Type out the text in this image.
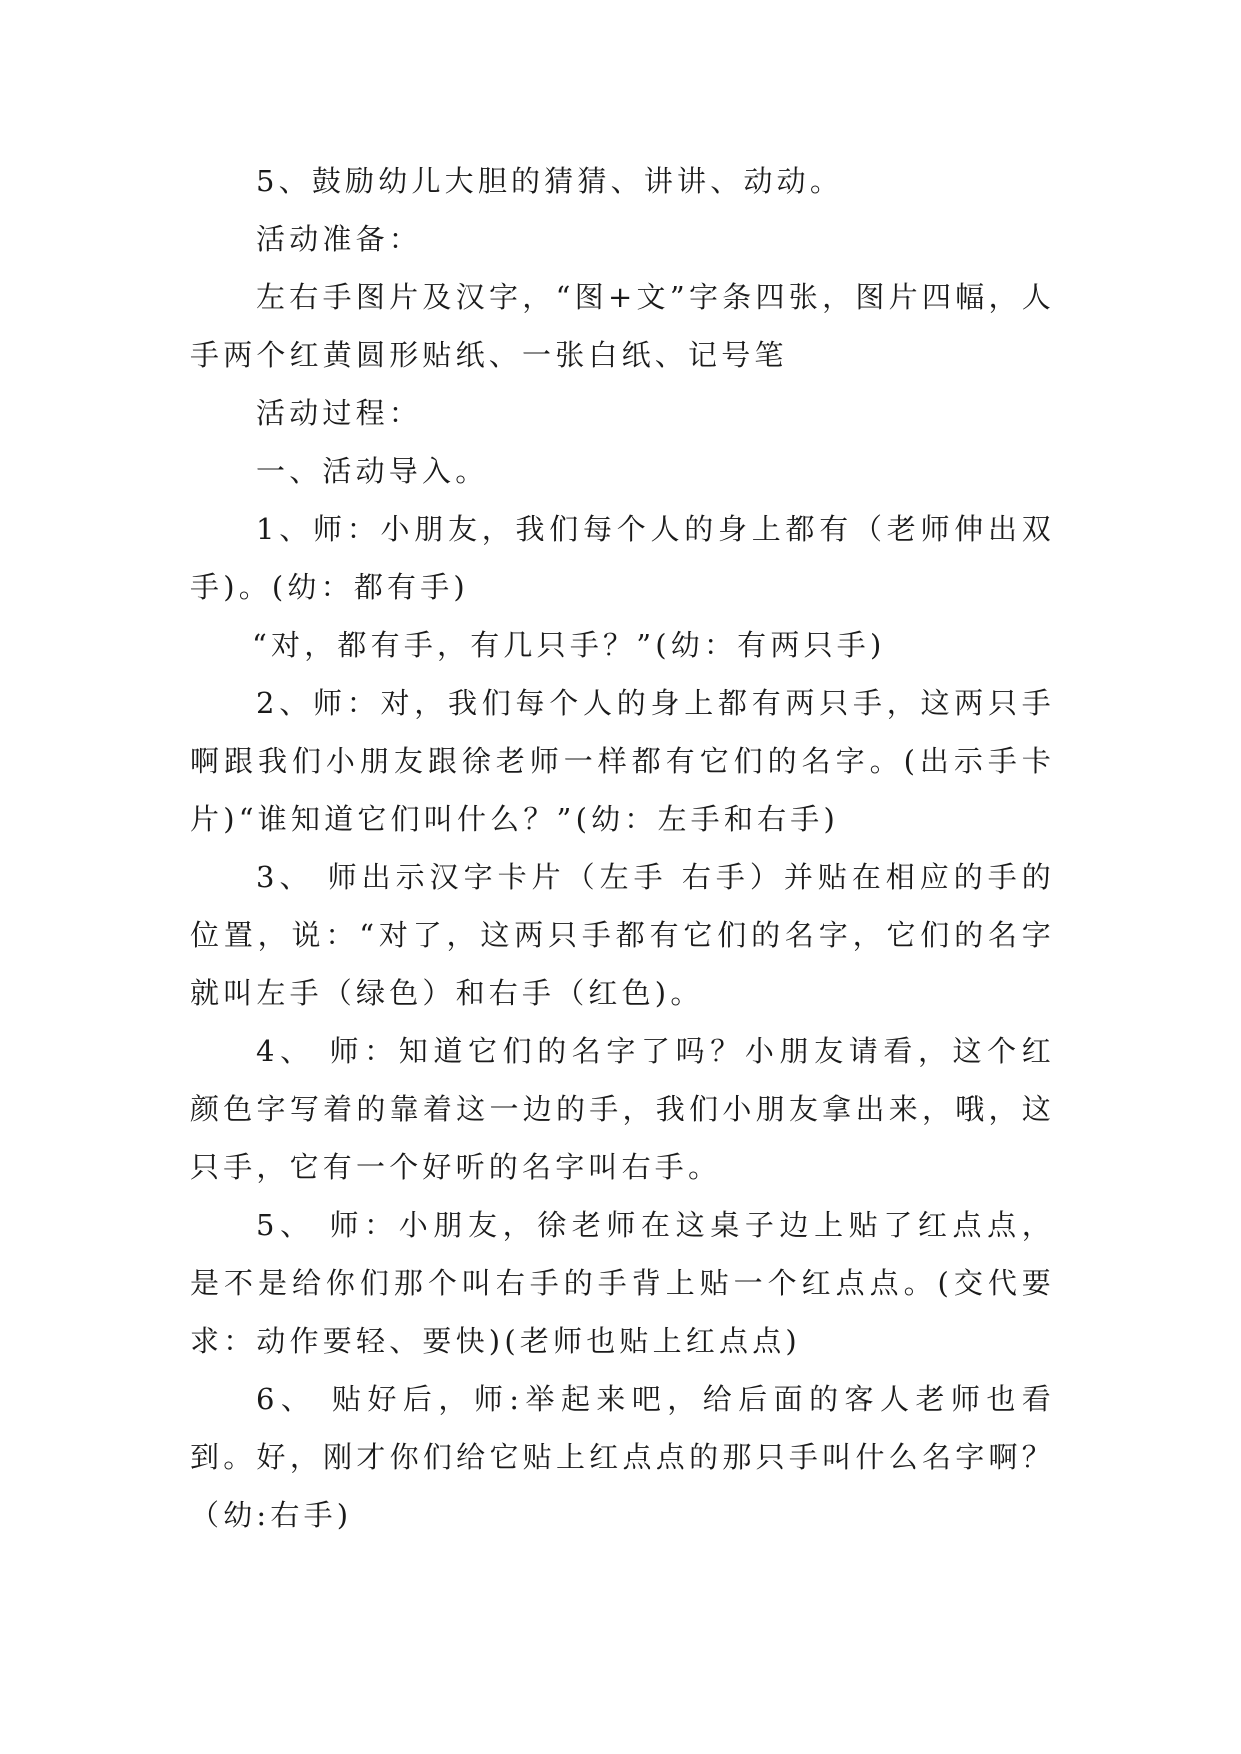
5、鼓励幼儿大胆的猜猜、讲讲、动动。

活动准备：

左右手图片及汉字，“图+文”字条四张，图片四幅，人手两个红黄圆形贴纸、一张白纸、记号笔

活动过程：

一、活动导入。

1、师：小朋友，我们每个人的身上都有（老师伸出双手)。(幼：都有手)

“对，都有手，有几只手？”(幼：有两只手)

2、师：对，我们每个人的身上都有两只手，这两只手啊跟我们小朋友跟徐老师一样都有它们的名字。(出示手卡片)“谁知道它们叫什么？”(幼：左手和右手)

3、 师出示汉字卡片（左手 右手）并贴在相应的手的位置，说：“对了，这两只手都有它们的名字，它们的名字就叫左手（绿色）和右手（红色)。

4、 师：知道它们的名字了吗？小朋友请看，这个红颜色字写着的靠着这一边的手，我们小朋友拿出来，哦，这只手，它有一个好听的名字叫右手。

5、 师：小朋友，徐老师在这桌子边上贴了红点点，是不是给你们那个叫右手的手背上贴一个红点点。(交代要求：动作要轻、要快)(老师也贴上红点点)

6、 贴好后，师:举起来吧，给后面的客人老师也看到。好，刚才你们给它贴上红点点的那只手叫什么名字啊？（幼:右手)
